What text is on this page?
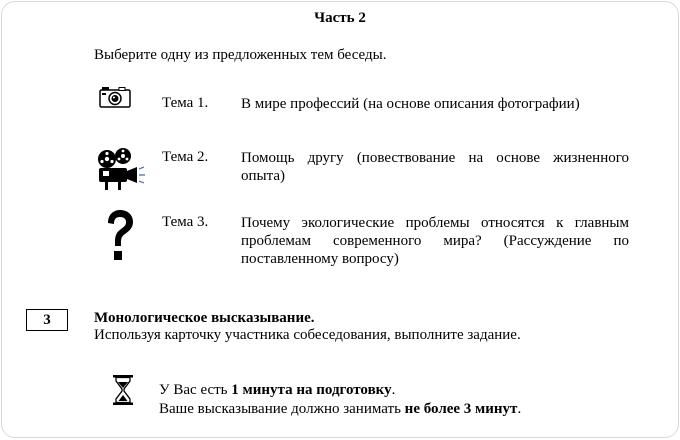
Часть 2
Выберите одну из предложенных тем беседы.
Тема 1. В мире профессий (на основе описания фотографии)
Тема 2. Помощь другу (повествование на основе жизненного опыта)
Тема 3. Почему экологические проблемы относятся к главным проблемам современного мира? (Рассуждение по поставленному вопросу)
3	Монологическое высказывание.
Используя карточку участника собеседования, выполните задание.
У Вас есть 1 минута на подготовку.
Ваше высказывание должно занимать не более 3 минут.
